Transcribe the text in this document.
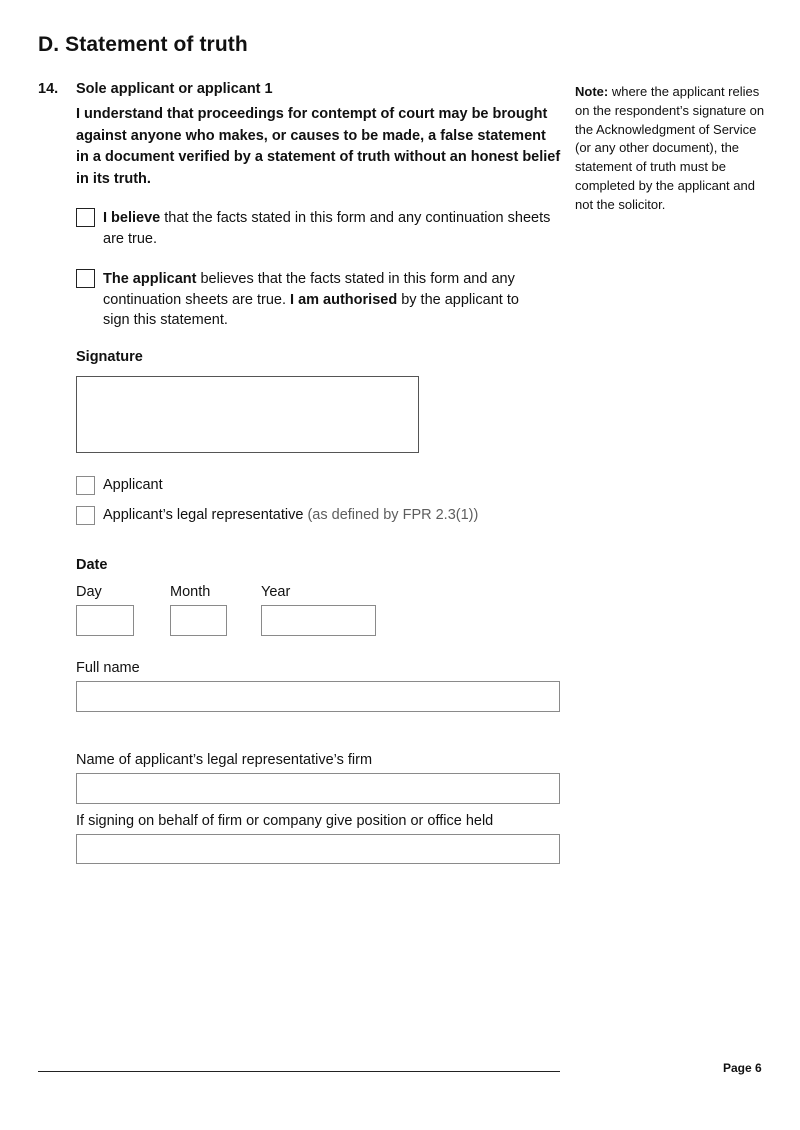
D. Statement of truth
14. Sole applicant or applicant 1
I understand that proceedings for contempt of court may be brought against anyone who makes, or causes to be made, a false statement in a document verified by a statement of truth without an honest belief in its truth.
Note: where the applicant relies on the respondent’s signature on the Acknowledgment of Service (or any other document), the statement of truth must be completed by the applicant and not the solicitor.
I believe that the facts stated in this form and any continuation sheets are true.
The applicant believes that the facts stated in this form and any continuation sheets are true. I am authorised by the applicant to sign this statement.
Signature
Applicant
Applicant’s legal representative (as defined by FPR 2.3(1))
Date
Day	Month	Year
Full name
Name of applicant’s legal representative’s firm
If signing on behalf of firm or company give position or office held
Page 6
